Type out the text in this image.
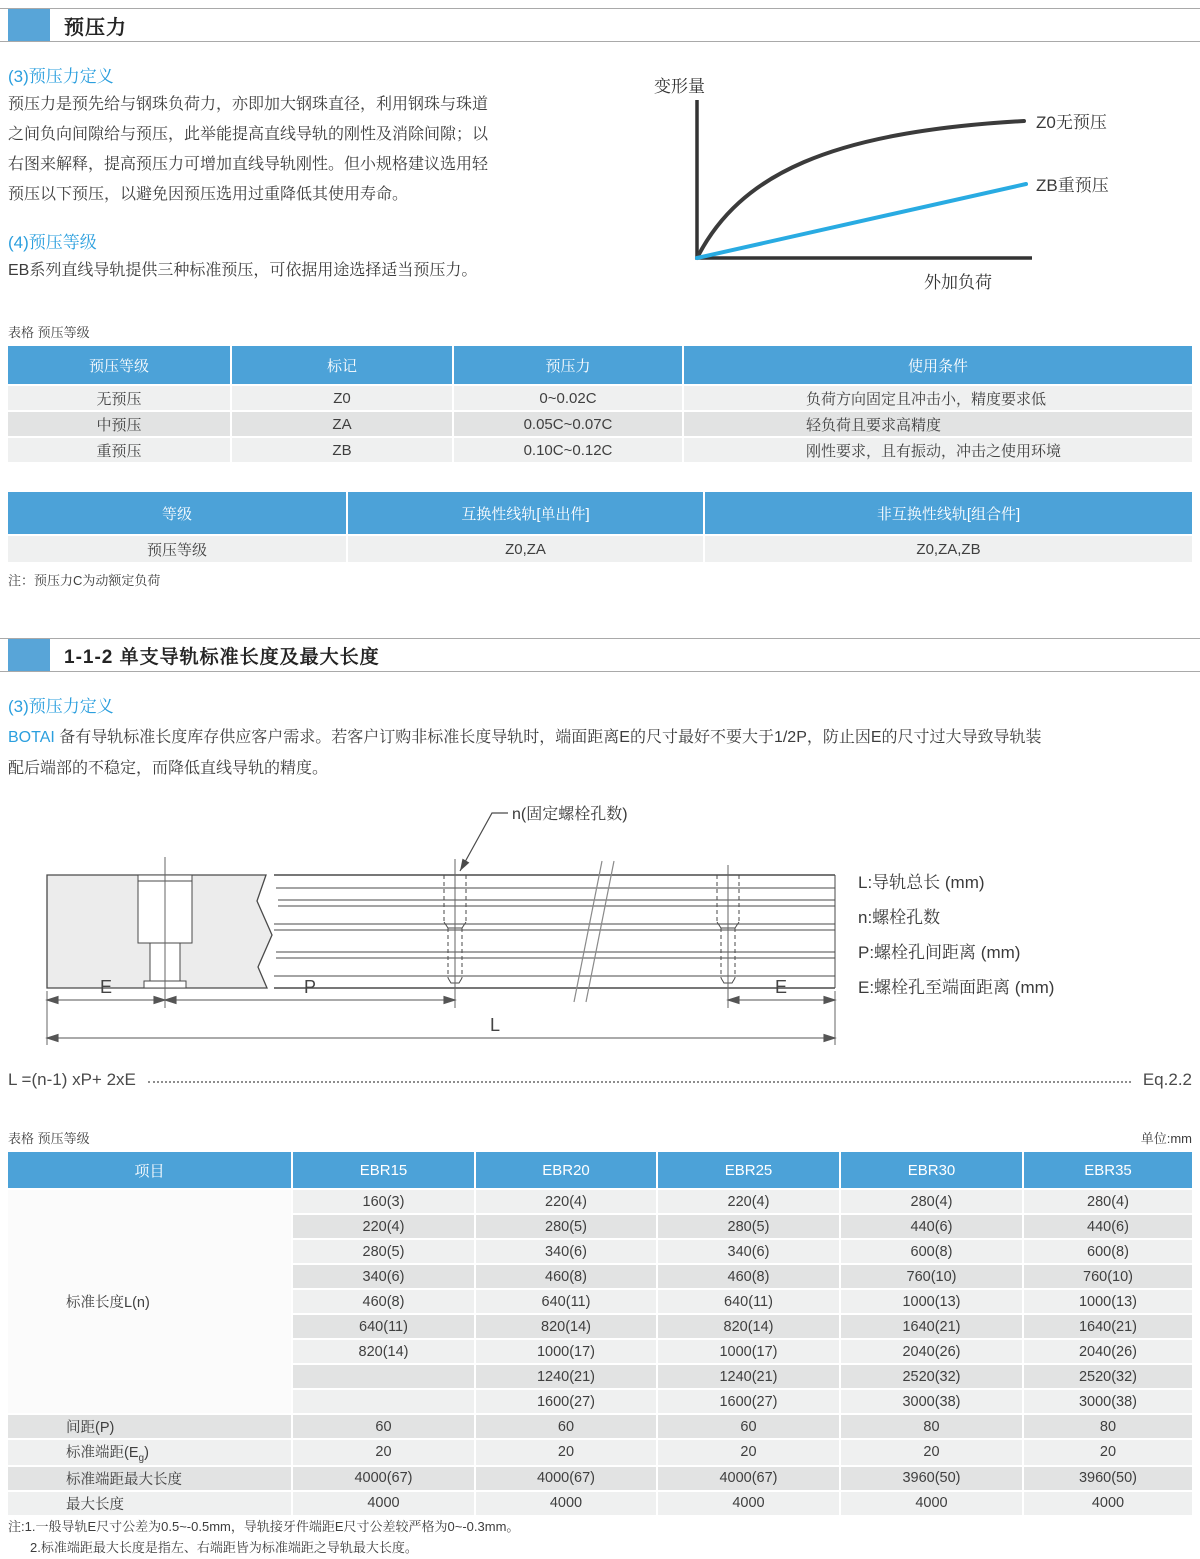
预压力
(3)预压力定义
预压力是预先给与钢珠负荷力，亦即加大钢珠直径，利用钢珠与珠道
之间负向间隙给与预压，此举能提高直线导轨的刚性及消除间隙；以
右图来解释，提高预压力可增加直线导轨刚性。但小规格建议选用轻
预压以下预压，以避免因预压选用过重降低其使用寿命。
(4)预压等级
EB系列直线导轨提供三种标准预压，可依据用途选择适当预压力。
变形量
Z0无预压
ZB重预压
外加负荷
表格 预压等级
预压等级	标记	预压力	使用条件
无预压	Z0	0~0.02C	负荷方向固定且冲击小，精度要求低
中预压	ZA	0.05C~0.07C	轻负荷且要求高精度
重预压	ZB	0.10C~0.12C	刚性要求，且有振动，冲击之使用环境
等级	互换性线轨[单出件]	非互换性线轨[组合件]
预压等级	Z0,ZA	Z0,ZA,ZB
注：预压力C为动额定负荷
1-1-2 单支导轨标准长度及最大长度
(3)预压力定义
BOTAI 备有导轨标准长度库存供应客户需求。若客户订购非标准长度导轨时，端面距离E的尺寸最好不要大于1/2P，防止因E的尺寸过大导致导轨装
配后端部的不稳定，而降低直线导轨的精度。
n(固定螺栓孔数)
E	P	E
L
L:导轨总长 (mm)
n:螺栓孔数
P:螺栓孔间距离 (mm)
E:螺栓孔至端面距离 (mm)
L =(n-1) xP+ 2xE	Eq.2.2
表格 预压等级	单位:mm
项目	EBR15	EBR20	EBR25	EBR30	EBR35
标准长度L(n)	160(3)	220(4)	220(4)	280(4)	280(4)
	220(4)	280(5)	280(5)	440(6)	440(6)
	280(5)	340(6)	340(6)	600(8)	600(8)
	340(6)	460(8)	460(8)	760(10)	760(10)
	460(8)	640(11)	640(11)	1000(13)	1000(13)
	640(11)	820(14)	820(14)	1640(21)	1640(21)
	820(14)	1000(17)	1000(17)	2040(26)	2040(26)
		1240(21)	1240(21)	2520(32)	2520(32)
		1600(27)	1600(27)	3000(38)	3000(38)
间距(P)	60	60	60	80	80
标准端距$(E_g)$	20	20	20	20	20
标准端距最大长度	4000(67)	4000(67)	4000(67)	3960(50)	3960(50)
最大长度	4000	4000	4000	4000	4000
注:1.一般导轨E尺寸公差为0.5~-0.5mm，导轨接牙件端距E尺寸公差较严格为0~-0.3mm。
2.标准端距最大长度是指左、右端距皆为标准端距之导轨最大长度。
